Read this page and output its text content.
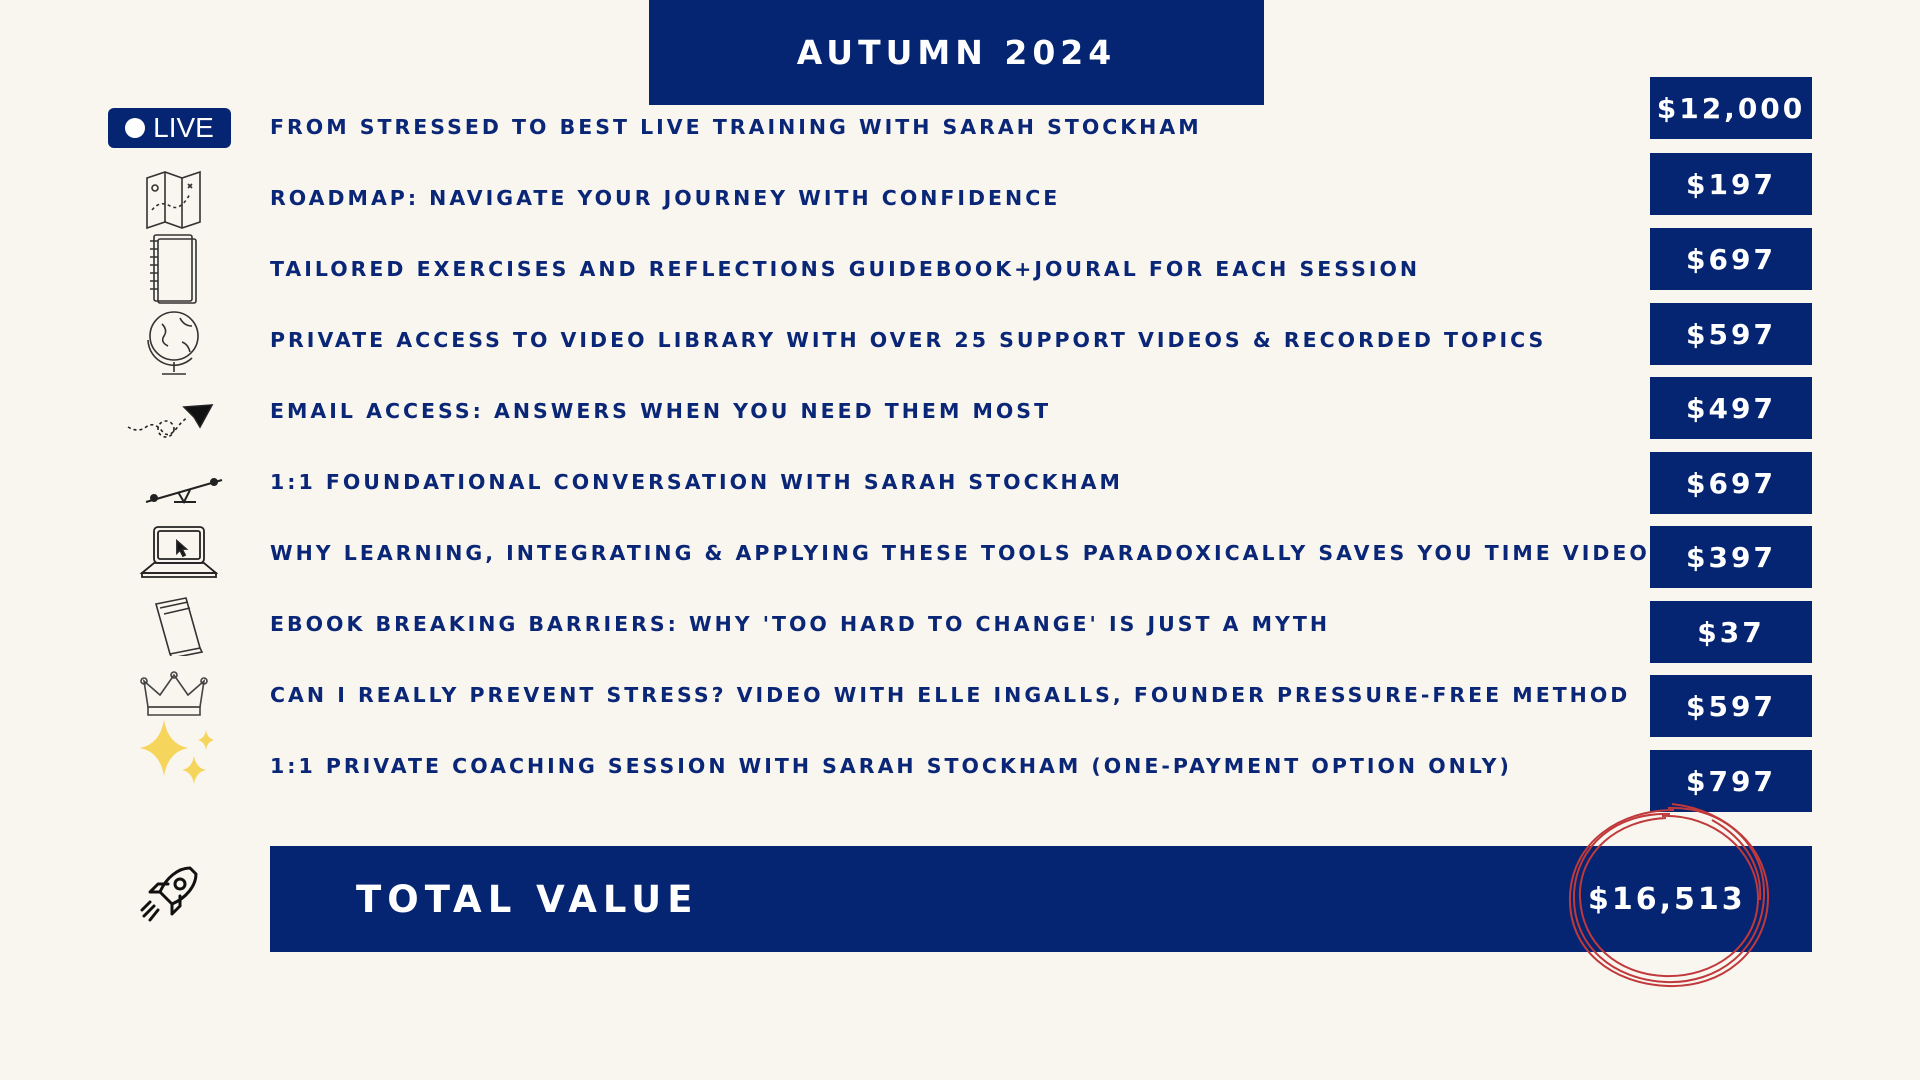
AUTUMN 2024
LIVE	FROM STRESSED TO BEST LIVE TRAINING WITH SARAH STOCKHAM
ROADMAP: NAVIGATE YOUR JOURNEY WITH CONFIDENCE
TAILORED EXERCISES AND REFLECTIONS GUIDEBOOK+JOURAL FOR EACH SESSION
PRIVATE ACCESS TO VIDEO LIBRARY WITH OVER 25 SUPPORT VIDEOS & RECORDED TOPICS
EMAIL ACCESS: ANSWERS WHEN YOU NEED THEM MOST
1:1 FOUNDATIONAL CONVERSATION WITH SARAH STOCKHAM
WHY LEARNING, INTEGRATING & APPLYING THESE TOOLS PARADOXICALLY SAVES YOU TIME VIDEO
EBOOK BREAKING BARRIERS: WHY 'TOO HARD TO CHANGE' IS JUST A MYTH
CAN I REALLY PREVENT STRESS? VIDEO WITH ELLE INGALLS, FOUNDER PRESSURE-FREE METHOD
1:1 PRIVATE COACHING SESSION WITH SARAH STOCKHAM (ONE-PAYMENT OPTION ONLY)
$12,000
$197
$697
$597
$497
$697
$397
$37
$597
$797
TOTAL VALUE	$16,513
